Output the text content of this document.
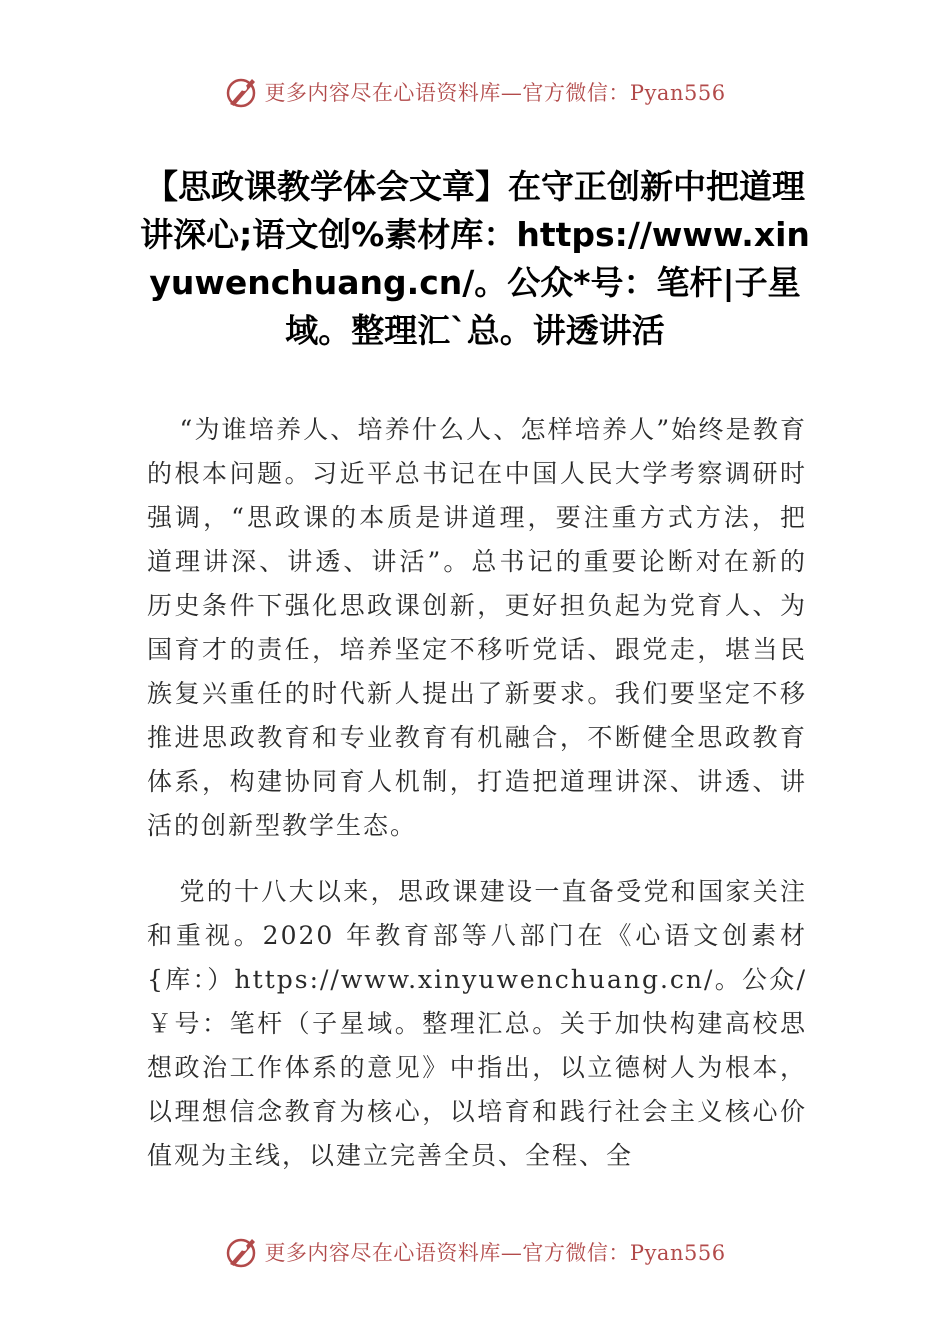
更多内容尽在心语资料库—官方微信：Pyan556
【思政课教学体会文章】在守正创新中把道理讲深心;语文创%素材库：https://www.xinyuwenchuang.cn/。公众*号：笔杆|子星域。整理汇`总。讲透讲活

“为谁培养人、培养什么人、怎样培养人”始终是教育的根本问题。习近平总书记在中国人民大学考察调研时强调，“思政课的本质是讲道理，要注重方式方法，把道理讲深、讲透、讲活”。总书记的重要论断对在新的历史条件下强化思政课创新，更好担负起为党育人、为国育才的责任，培养坚定不移听党话、跟党走，堪当民族复兴重任的时代新人提出了新要求。我们要坚定不移推进思政教育和专业教育有机融合，不断健全思政教育体系，构建协同育人机制，打造把道理讲深、讲透、讲活的创新型教学生态。

党的十八大以来，思政课建设一直备受党和国家关注和重视。2020 年教育部等八部门在《心语文创素材{库：）https://www.xinyuwenchuang.cn/。公众/￥号：笔杆（子星域。整理汇总。关于加快构建高校思想政治工作体系的意见》中指出，以立德树人为根本，以理想信念教育为核心，以培育和践行社会主义核心价值观为主线，以建立完善全员、全程、全

更多内容尽在心语资料库—官方微信：Pyan556
